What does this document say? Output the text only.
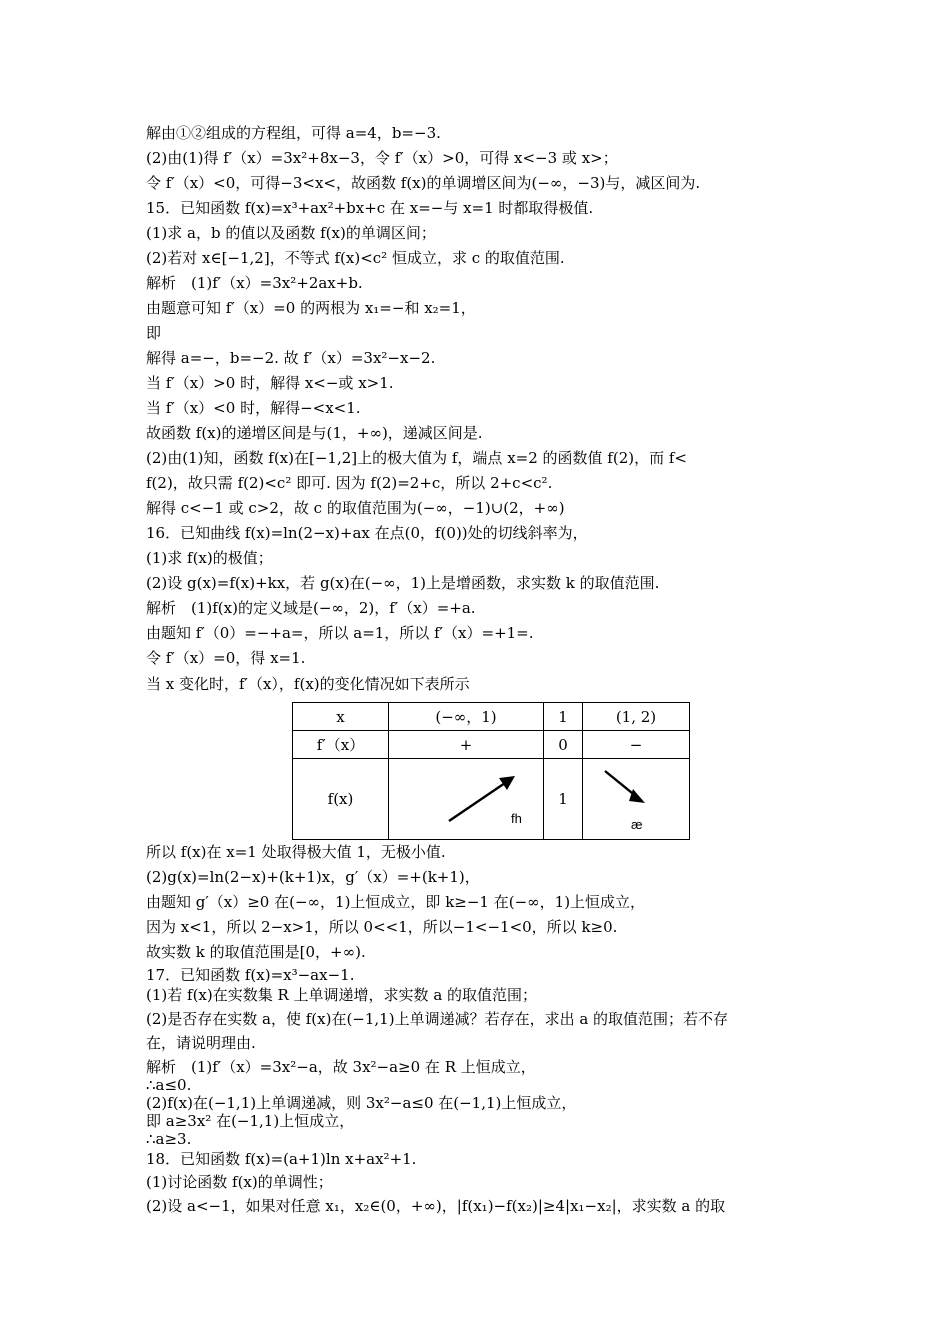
解由①②组成的方程组，可得 a=4，b=−3.
(2)由(1)得 f′（x）=3x²+8x−3，令 f′（x）>0，可得 x<−3 或 x>；
令 f′（x）<0，可得−3<x<，故函数 f(x)的单调增区间为(−∞，−3)与，减区间为.
15．已知函数 f(x)=x³+ax²+bx+c 在 x=−与 x=1 时都取得极值.
(1)求 a，b 的值以及函数 f(x)的单调区间；
(2)若对 x∈[−1,2]，不等式 f(x)<c² 恒成立，求 c 的取值范围.
解析　(1)f′（x）=3x²+2ax+b.
由题意可知 f′（x）=0 的两根为 x₁=−和 x₂=1，
即
解得 a=−，b=−2. 故 f′（x）=3x²−x−2.
当 f′（x）>0 时，解得 x<−或 x>1.
当 f′（x）<0 时，解得−<x<1.
故函数 f(x)的递增区间是与(1，+∞)，递减区间是.
(2)由(1)知，函数 f(x)在[−1,2]上的极大值为 f，端点 x=2 的函数值 f(2)，而 f<
f(2)，故只需 f(2)<c² 即可. 因为 f(2)=2+c，所以 2+c<c².
解得 c<−1 或 c>2，故 c 的取值范围为(−∞，−1)∪(2，+∞)
16．已知曲线 f(x)=ln(2−x)+ax 在点(0，f(0))处的切线斜率为，
(1)求 f(x)的极值；
(2)设 g(x)=f(x)+kx，若 g(x)在(−∞，1)上是增函数，求实数 k 的取值范围.
解析　(1)f(x)的定义域是(−∞，2)，f′（x）=+a.
由题知 f′（0）=−+a=，所以 a=1，所以 f′（x）=+1=.
令 f′（x）=0，得 x=1.
当 x 变化时，f′（x），f(x)的变化情况如下表所示
x	(−∞，1)	1	(1, 2)
f′（x）	+	0	−
f(x)	fh	1	æ
所以 f(x)在 x=1 处取得极大值 1，无极小值.
(2)g(x)=ln(2−x)+(k+1)x，g′（x）=+(k+1)，
由题知 g′（x）≥0 在(−∞，1)上恒成立，即 k≥−1 在(−∞，1)上恒成立，
因为 x<1，所以 2−x>1，所以 0<<1，所以−1<−1<0，所以 k≥0.
故实数 k 的取值范围是[0，+∞).
17．已知函数 f(x)=x³−ax−1.
(1)若 f(x)在实数集 R 上单调递增，求实数 a 的取值范围；
(2)是否存在实数 a，使 f(x)在(−1,1)上单调递减？若存在，求出 a 的取值范围；若不存
在，请说明理由.
解析　(1)f′（x）=3x²−a，故 3x²−a≥0 在 R 上恒成立，
∴a≤0.
(2)f(x)在(−1,1)上单调递减，则 3x²−a≤0 在(−1,1)上恒成立，
即 a≥3x² 在(−1,1)上恒成立，
∴a≥3.
18．已知函数 f(x)=(a+1)ln x+ax²+1.
(1)讨论函数 f(x)的单调性；
(2)设 a<−1，如果对任意 x₁，x₂∈(0，+∞)，|f(x₁)−f(x₂)|≥4|x₁−x₂|，求实数 a 的取
